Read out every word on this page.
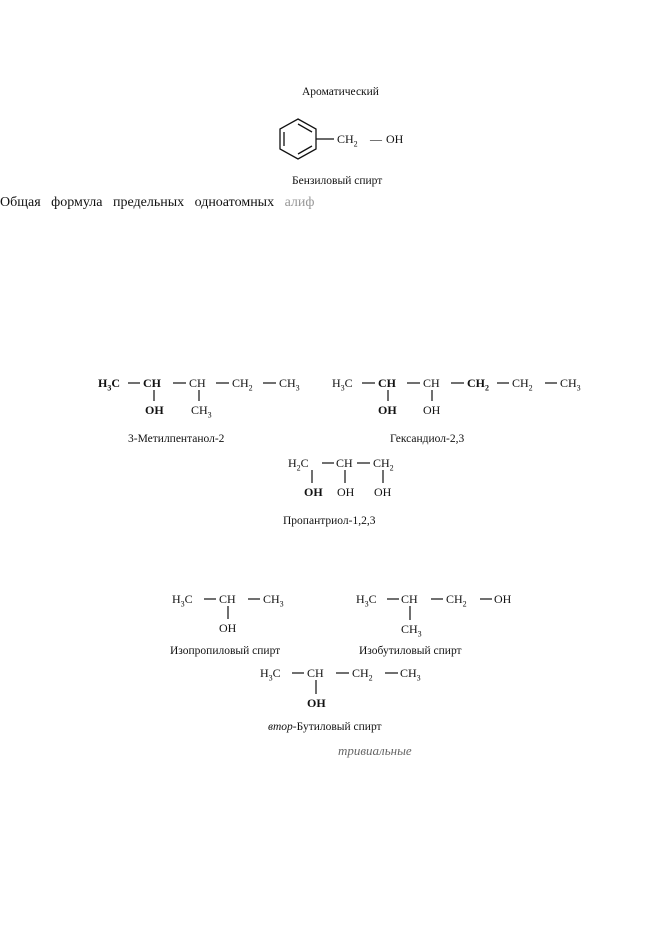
Ароматический
$CH_2$ — OH
Бензиловый спирт
Общая   формула   предельных   одноатомных алиф
$H_3C$ CH CH $CH_2$ $CH_3$
OH $CH_3$
3-Метилпентанол-2
$H_3C$ CH CH $CH_2$ $CH_2$ $CH_3$
OH OH
Гександиол-2,3
$H_2C$ CH $CH_2$
OH OH OH
Пропантриол-1,2,3
$H_3C$ CH $CH_3$
OH
Изопропиловый спирт
$H_3C$ CH $CH_2$ OH
$CH_3$
Изобутиловый спирт
$H_3C$ CH $CH_2$ $CH_3$
OH
втор-Бутиловый спирт
тривиальные
